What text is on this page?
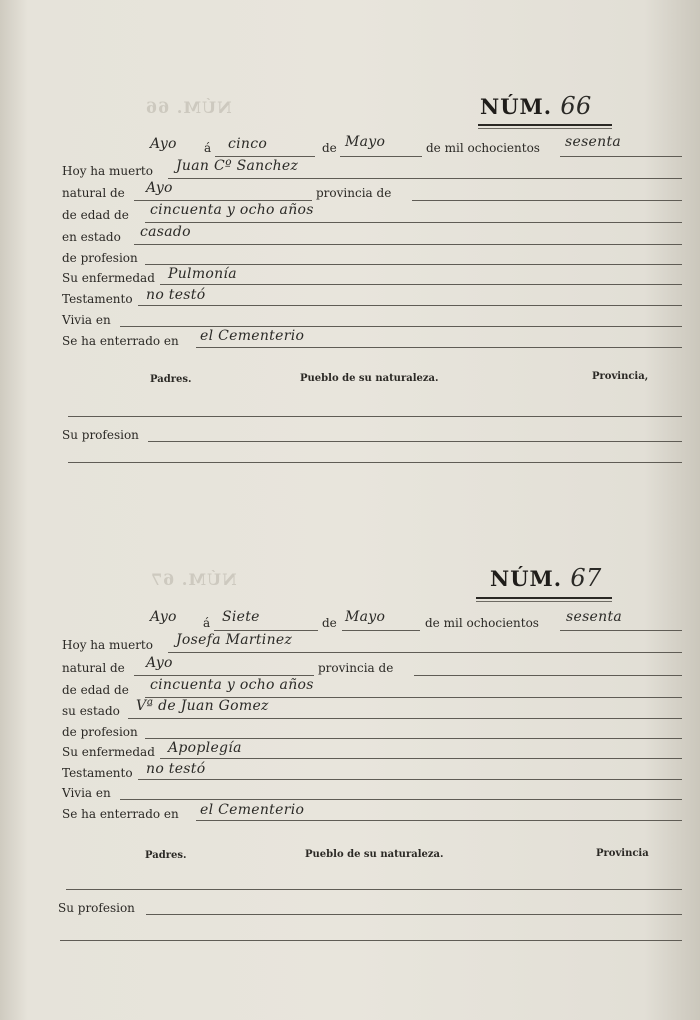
NÚM. 66
NÚM. 67
NÚM. 66
Ayo á cinco	de Mayo	de mil ochocientos sesenta
Hoy ha muerto Juan Cº Sanchez
natural de Ayo	provincia de
de edad de cincuenta y ocho años
en estado casado
de profesion
Su enfermedad Pulmonía
Testamento no testó
Vivia en
Se ha enterrado en el Cementerio
Padres.	Pueblo de su naturaleza.	Provincia,
Su profesion
NÚM. 67
Ayo á Siete	de Mayo	de mil ochocientos sesenta
Hoy ha muerto Josefa Martinez
natural de Ayo	provincia de
de edad de cincuenta y ocho años
su estado Vª de Juan Gomez
de profesion
Su enfermedad Apoplegía
Testamento no testó
Vivia en
Se ha enterrado en el Cementerio
Padres.	Pueblo de su naturaleza.	Provincia
Su profesion
